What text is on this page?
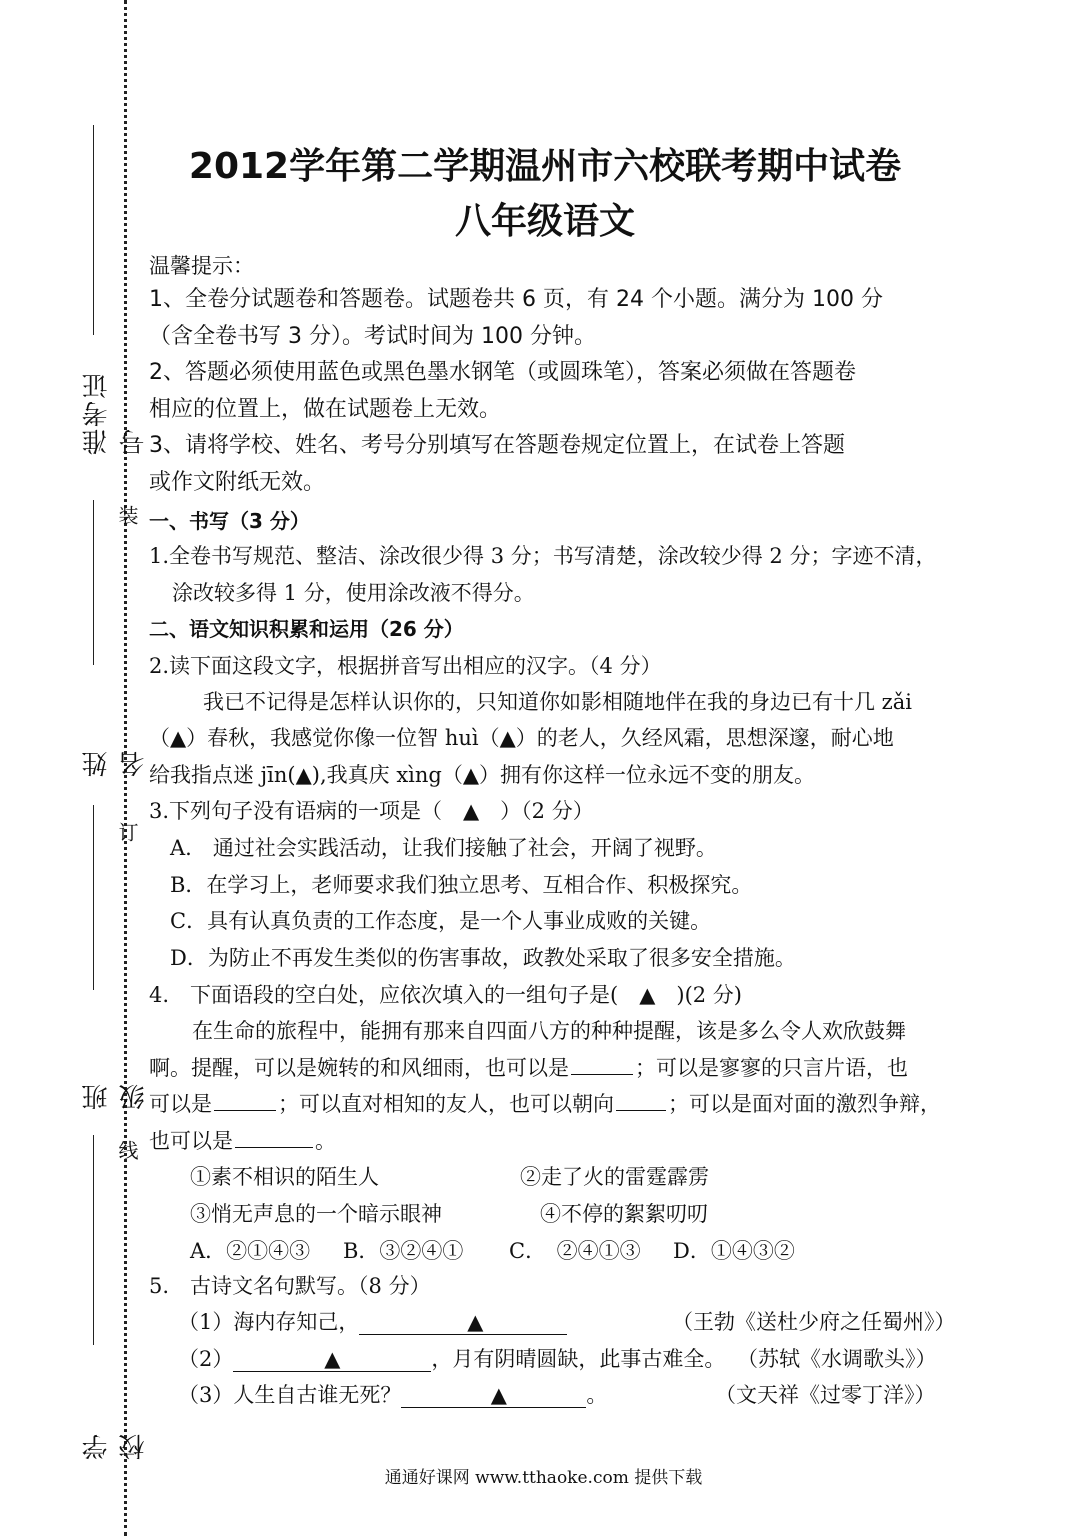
准考证号
姓 名
班 级
学 校
装
订
线
2012学年第二学期温州市六校联考期中试卷
八年级语文
温馨提示：
1、全卷分试题卷和答题卷。试题卷共 6 页，有 24 个小题。满分为 100 分
（含全卷书写 3 分）。考试时间为 100 分钟。
2、答题必须使用蓝色或黑色墨水钢笔（或圆珠笔），答案必须做在答题卷
相应的位置上，做在试题卷上无效。
3、请将学校、姓名、考号分别填写在答题卷规定位置上，在试卷上答题
或作文附纸无效。
一、书写（3 分）
1.全卷书写规范、整洁、涂改很少得 3 分；书写清楚，涂改较少得 2 分；字迹不清，
涂改较多得 1 分，使用涂改液不得分。
二、语文知识积累和运用（26 分）
2.读下面这段文字，根据拼音写出相应的汉字。（4 分）
我已不记得是怎样认识你的，只知道你如影相随地伴在我的身边已有十几 zǎi
（▲）春秋，我感觉你像一位智 huì（▲）的老人，久经风霜，思想深邃，耐心地
给我指点迷 jīn(▲),我真庆 xìng（▲）拥有你这样一位永远不变的朋友。
3.下列句子没有语病的一项是（　▲　）（2 分）
A.　通过社会实践活动，让我们接触了社会，开阔了视野。
B．在学习上，老师要求我们独立思考、互相合作、积极探究。
C．具有认真负责的工作态度，是一个人事业成败的关键。
D．为防止不再发生类似的伤害事故，政教处采取了很多安全措施。
4.　下面语段的空白处，应依次填入的一组句子是(　▲　)(2 分)
在生命的旅程中，能拥有那来自四面八方的种种提醒，该是多么令人欢欣鼓舞
啊。提醒，可以是婉转的和风细雨，也可以是	；可以是寥寥的只言片语，也
可以是	；可以直对相知的友人，也可以朝向	；可以是面对面的激烈争辩，
也可以是	。
①素不相识的陌生人	②走了火的雷霆霹雳
③悄无声息的一个暗示眼神	④不停的絮絮叨叨
A．②①④③ B．③②④① C．　②④①③ D．①④③②
5.　古诗文名句默写。（8 分）
（1）海内存知己，	▲	（王勃《送杜少府之任蜀州》）
（2）	▲	，月有阴晴圆缺，此事古难全。 （苏轼《水调歌头》）
（3）人生自古谁无死？	▲	。	（文天祥《过零丁洋》）
通通好课网 www.tthaoke.com 提供下载
